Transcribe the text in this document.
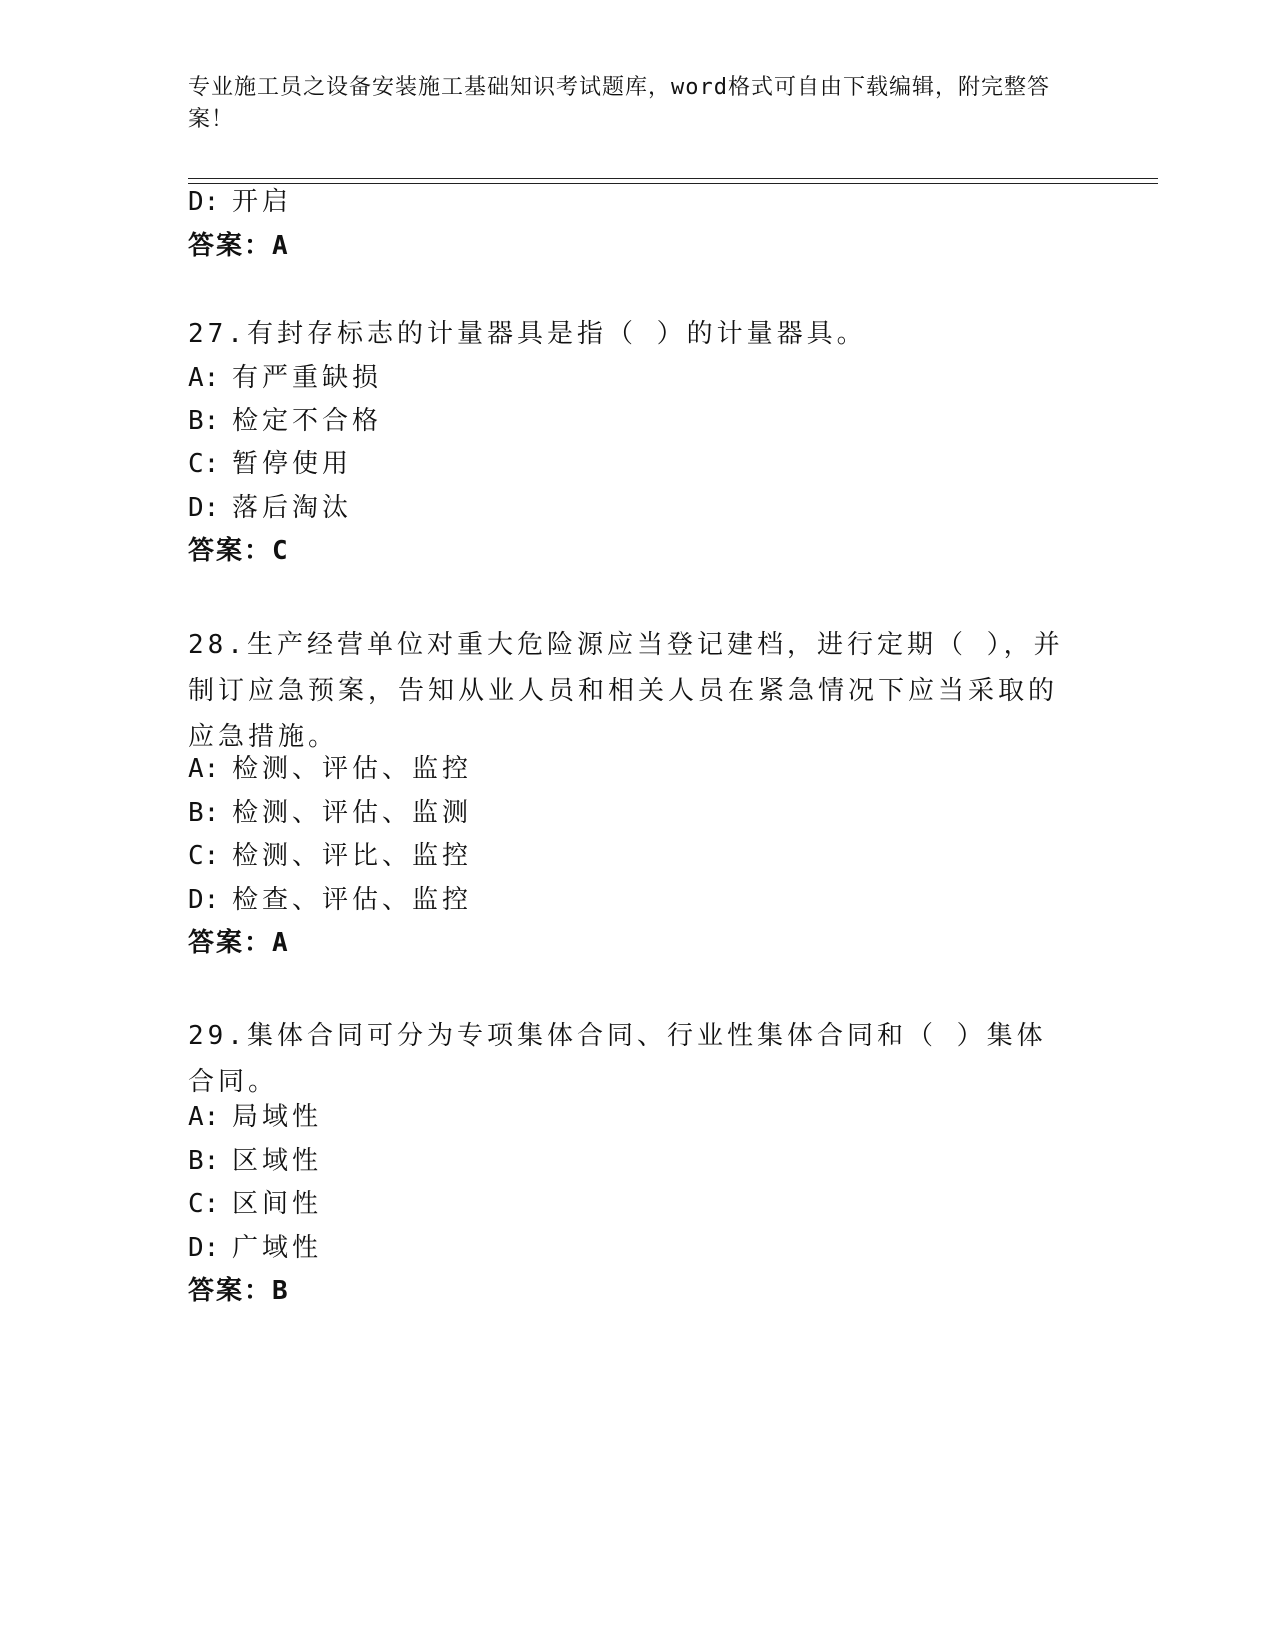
专业施工员之设备安装施工基础知识考试题库，word格式可自由下载编辑，附完整答案！
D: 开启
答案：A
27.有封存标志的计量器具是指（ ）的计量器具。
A: 有严重缺损
B: 检定不合格
C: 暂停使用
D: 落后淘汰
答案：C
28.生产经营单位对重大危险源应当登记建档，进行定期（ ），并制订应急预案，告知从业人员和相关人员在紧急情况下应当采取的应急措施。
A: 检测、评估、监控
B: 检测、评估、监测
C: 检测、评比、监控
D: 检查、评估、监控
答案：A
29.集体合同可分为专项集体合同、行业性集体合同和（ ）集体合同。
A: 局域性
B: 区域性
C: 区间性
D: 广域性
答案：B
